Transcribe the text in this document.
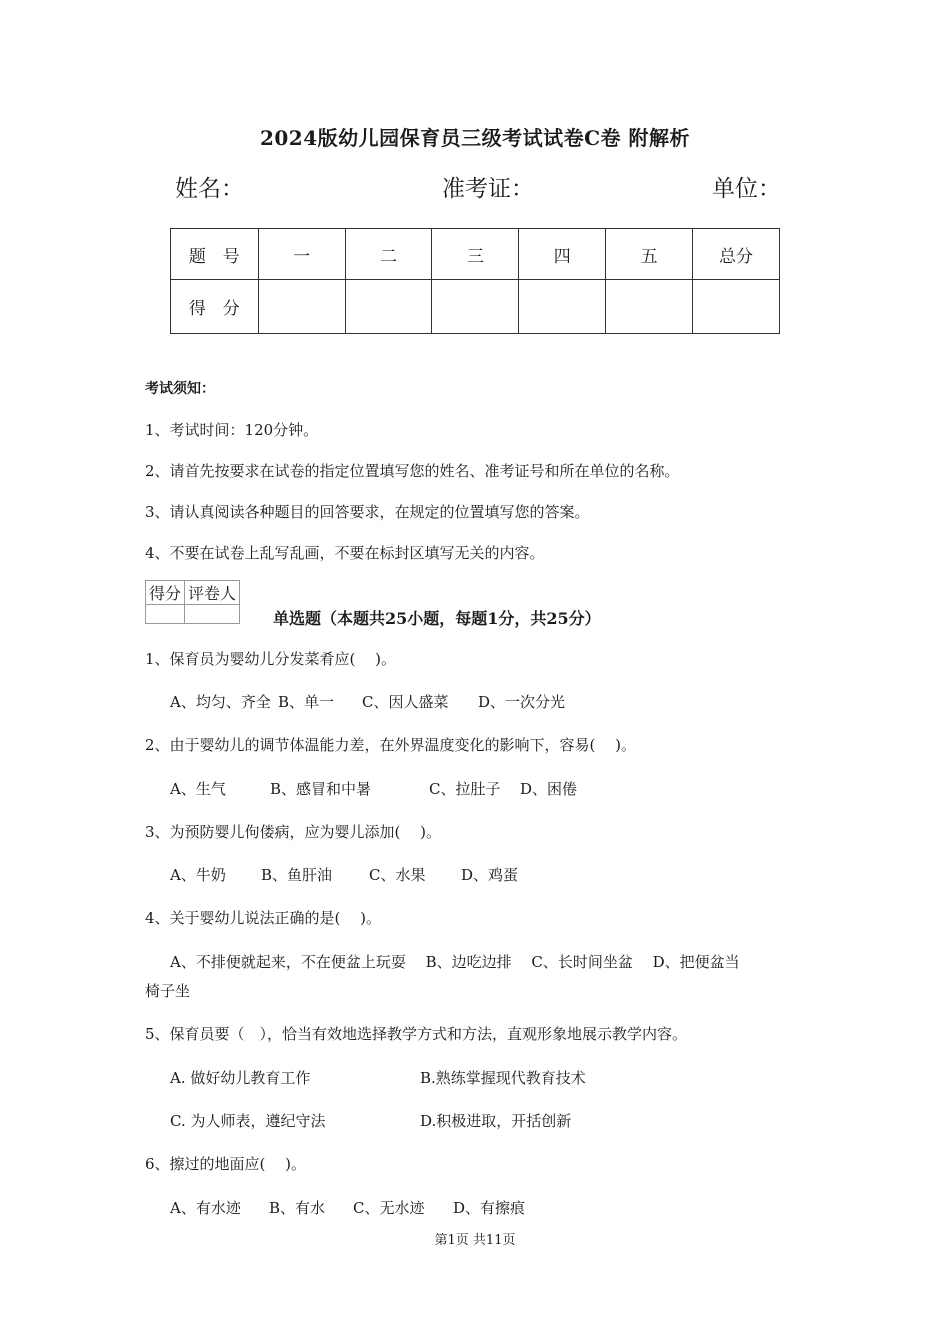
2024版幼儿园保育员三级考试试卷C卷 附解析
姓名：	准考证：	单位：
题　号	一	二	三	四	五	总分
得　分						
考试须知：
1、考试时间：120分钟。
2、请首先按要求在试卷的指定位置填写您的姓名、准考证号和所在单位的名称。
3、请认真阅读各种题目的回答要求，在规定的位置填写您的答案。
4、不要在试卷上乱写乱画，不要在标封区填写无关的内容。
得分	评卷人

单选题（本题共25小题，每题1分，共25分）
1、保育员为婴幼儿分发菜肴应(　 )。
A、均匀、齐全 B、单一 C、因人盛菜 D、一次分光
2、由于婴幼儿的调节体温能力差，在外界温度变化的影响下，容易(　 )。
A、生气	B、感冒和中暑	C、拉肚子 D、困倦
3、为预防婴儿佝偻病，应为婴儿添加(　 )。
A、牛奶 B、鱼肝油 C、水果 D、鸡蛋
4、关于婴幼儿说法正确的是(　 )。
A、不排便就起来，不在便盆上玩耍　 B、边吃边排　 C、长时间坐盆　 D、把便盆当
椅子坐
5、保育员要（　），恰当有效地选择教学方式和方法，直观形象地展示教学内容。
A. 做好幼儿教育工作	B.熟练掌握现代教育技术
C. 为人师表，遵纪守法	D.积极进取，开括创新
6、擦过的地面应(　 )。
A、有水迹 B、有水 C、无水迹 D、有擦痕
第1页 共11页
